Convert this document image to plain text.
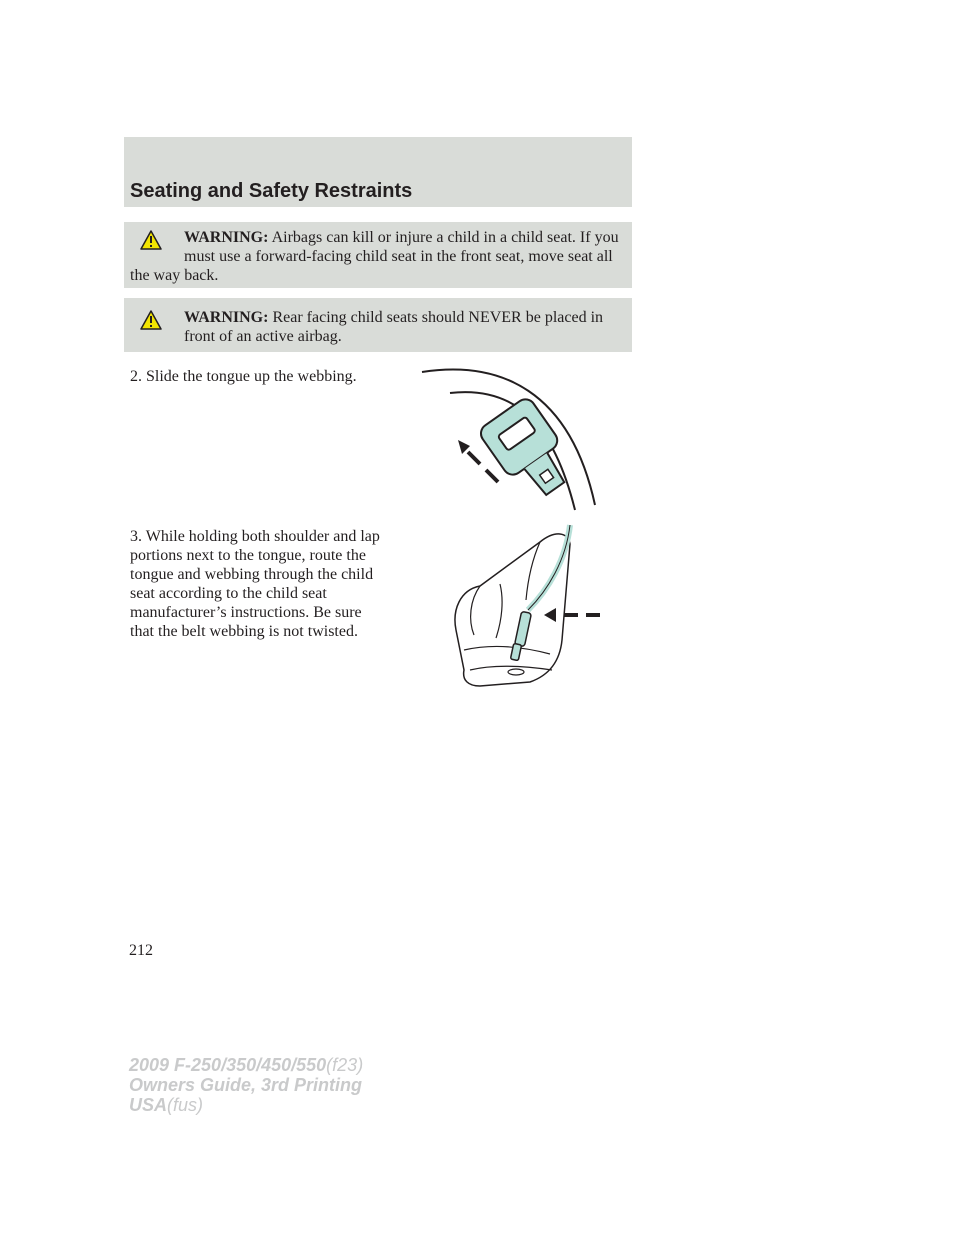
Seating and Safety Restraints
WARNING: Airbags can kill or injure a child in a child seat. If you must use a forward-facing child seat in the front seat, move seat all the way back.
WARNING: Rear facing child seats should NEVER be placed in front of an active airbag.
2. Slide the tongue up the webbing.
3. While holding both shoulder and lap portions next to the tongue, route the tongue and webbing through the child seat according to the child seat manufacturer’s instructions. Be sure that the belt webbing is not twisted.
212
2009 F-250/350/450/550(f23)
Owners Guide, 3rd Printing
USA(fus)
